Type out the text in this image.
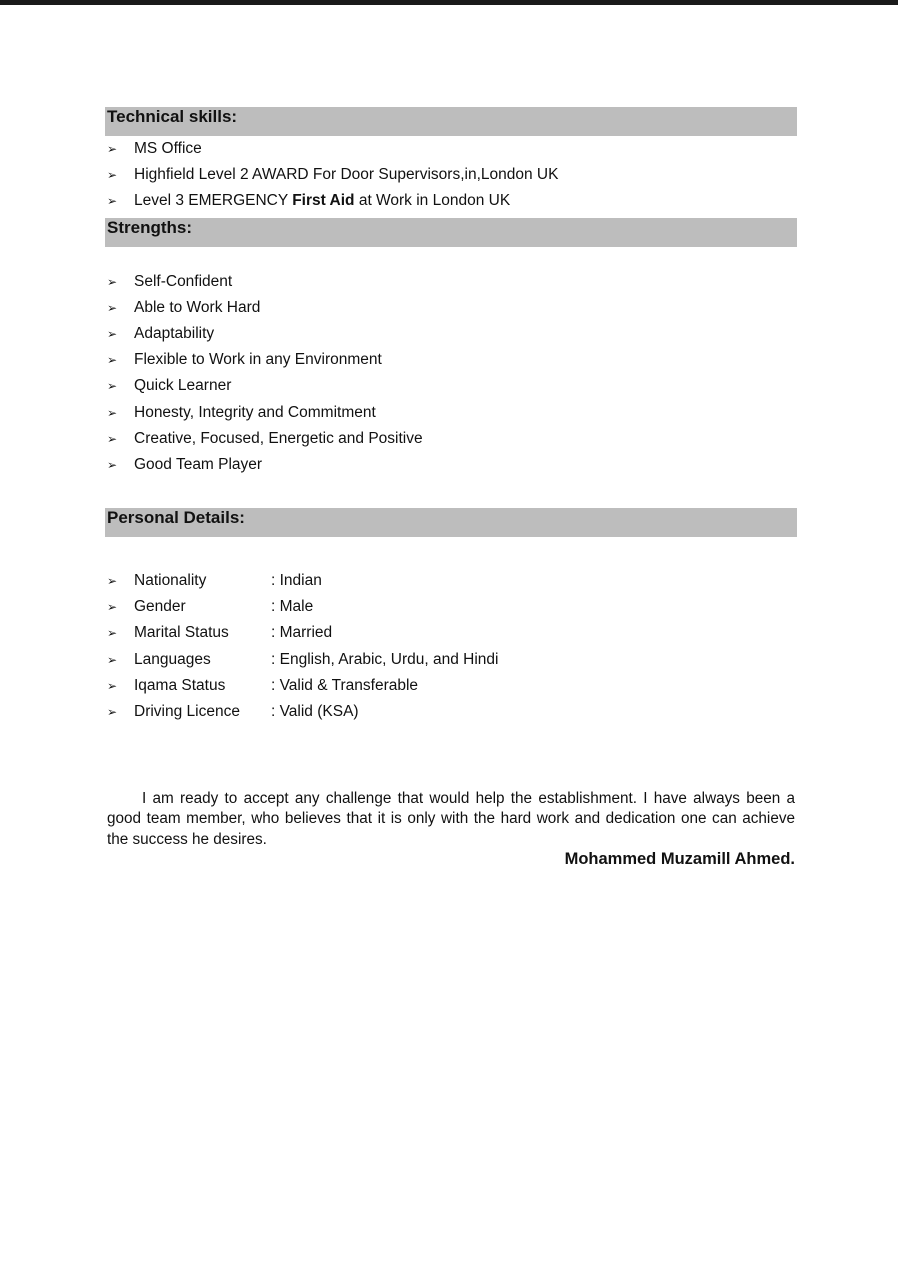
Technical skills:
➢ MS Office
➢ Highfield Level 2 AWARD For Door Supervisors,in,London UK
➢ Level 3 EMERGENCY First Aid at Work in London UK
Strengths:
➢ Self-Confident
➢ Able to Work Hard
➢ Adaptability
➢ Flexible to Work in any Environment
➢ Quick Learner
➢ Honesty, Integrity and Commitment
➢ Creative, Focused, Energetic and Positive
➢ Good Team Player
Personal Details:
➢ Nationality	: Indian
➢ Gender	: Male
➢ Marital Status	: Married
➢ Languages	: English, Arabic, Urdu, and Hindi
➢ Iqama Status	: Valid & Transferable
➢ Driving Licence : Valid (KSA)

I am ready to accept any challenge that would help the establishment. I have always been a good team member, who believes that it is only with the hard work and dedication one can achieve the success he desires.

Mohammed Muzamill Ahmed.
